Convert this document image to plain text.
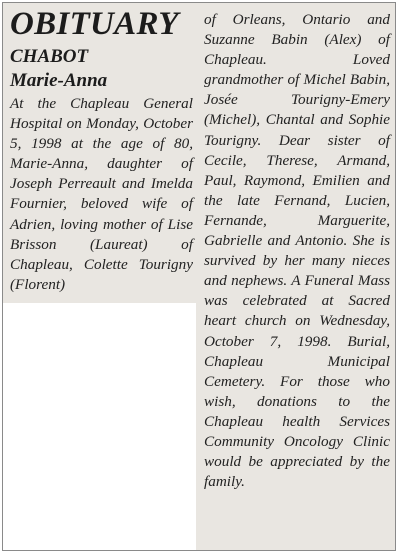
OBITUARY
CHABOT
Marie-Anna
At the Chapleau General Hospital on Monday, October 5, 1998 at the age of 80, Marie-Anna, daughter of Joseph Perreault and Imelda Fournier, beloved wife of Adrien, loving mother of Lise Brisson (Laureat) of Chapleau, Colette Tourigny (Florent)
of Orleans, Ontario and Suzanne Babin (Alex) of Chapleau. Loved grandmother of Michel Babin, Josée Tourigny-Emery (Michel), Chantal and Sophie Tourigny. Dear sister of Cecile, Therese, Armand, Paul, Raymond, Emilien and the late Fernand, Lucien, Fernande, Marguerite, Gabrielle and Antonio. She is survived by her many nieces and nephews. A Funeral Mass was celebrated at Sacred heart church on Wednesday, October 7, 1998. Burial, Chapleau Municipal Cemetery. For those who wish, donations to the Chapleau health Services Community Oncology Clinic would be appreciated by the family.
